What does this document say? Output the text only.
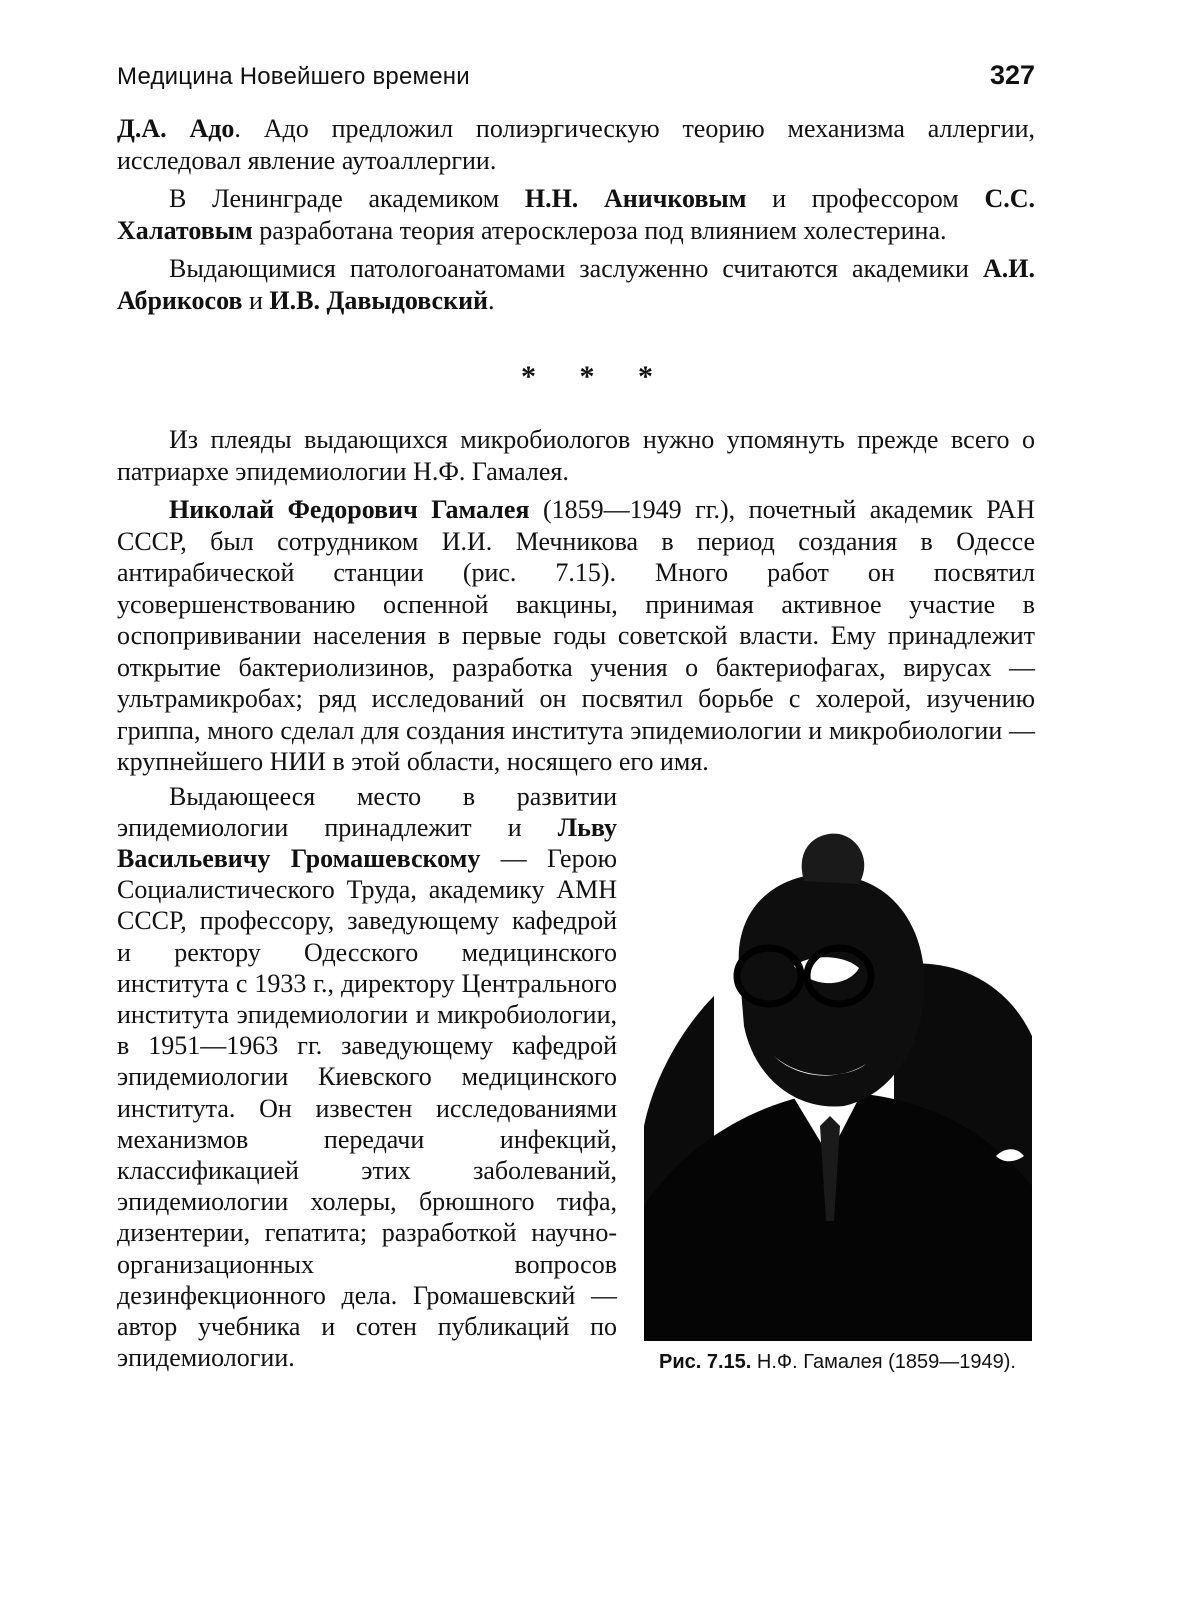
Медицина Новейшего времени	327

Д.А. Адо. Адо предложил полиэргическую теорию механизма аллергии, исследовал явление аутоаллергии.

В Ленинграде академиком Н.Н. Аничковым и профессором С.С. Халатовым разработана теория атеросклероза под влиянием холестерина.

Выдающимися патологоанатомами заслуженно считаются академики А.И. Абрикосов и И.В. Давыдовский.

* * *

Из плеяды выдающихся микробиологов нужно упомянуть прежде всего о патриархе эпидемиологии Н.Ф. Гамалея.

Николай Федорович Гамалея (1859—1949 гг.), почетный академик РАН СССР, был сотрудником И.И. Мечникова в период создания в Одессе антирабической станции (рис. 7.15). Много работ он посвятил усовершенствованию оспенной вакцины, принимая активное участие в оспопрививании населения в первые годы советской власти. Ему принадлежит открытие бактериолизинов, разработка учения о бактериофагах, вирусах — ультрамикробах; ряд исследований он посвятил борьбе с холерой, изучению гриппа, много сделал для создания института эпидемиологии и микробиологии — крупнейшего НИИ в этой области, носящего его имя.

Выдающееся место в развитии эпидемиологии принадлежит и Льву Васильевичу Громашевскому — Герою Социалистического Труда, академику АМН СССР, профессору, заведующему кафедрой и ректору Одесского медицинского института с 1933 г., директору Центрального института эпидемиологии и микробиологии, в 1951—1963 гг. заведующему кафедрой эпидемиологии Киевского медицинского института. Он известен исследованиями механизмов передачи инфекций, классификацией этих заболеваний, эпидемиологии холеры, брюшного тифа, дизентерии, гепатита; разработкой научно-организационных вопросов дезинфекционного дела. Громашевский — автор учебника и сотен публикаций по эпидемиологии.	Рис. 7.15. Н.Ф. Гамалея (1859—1949).
